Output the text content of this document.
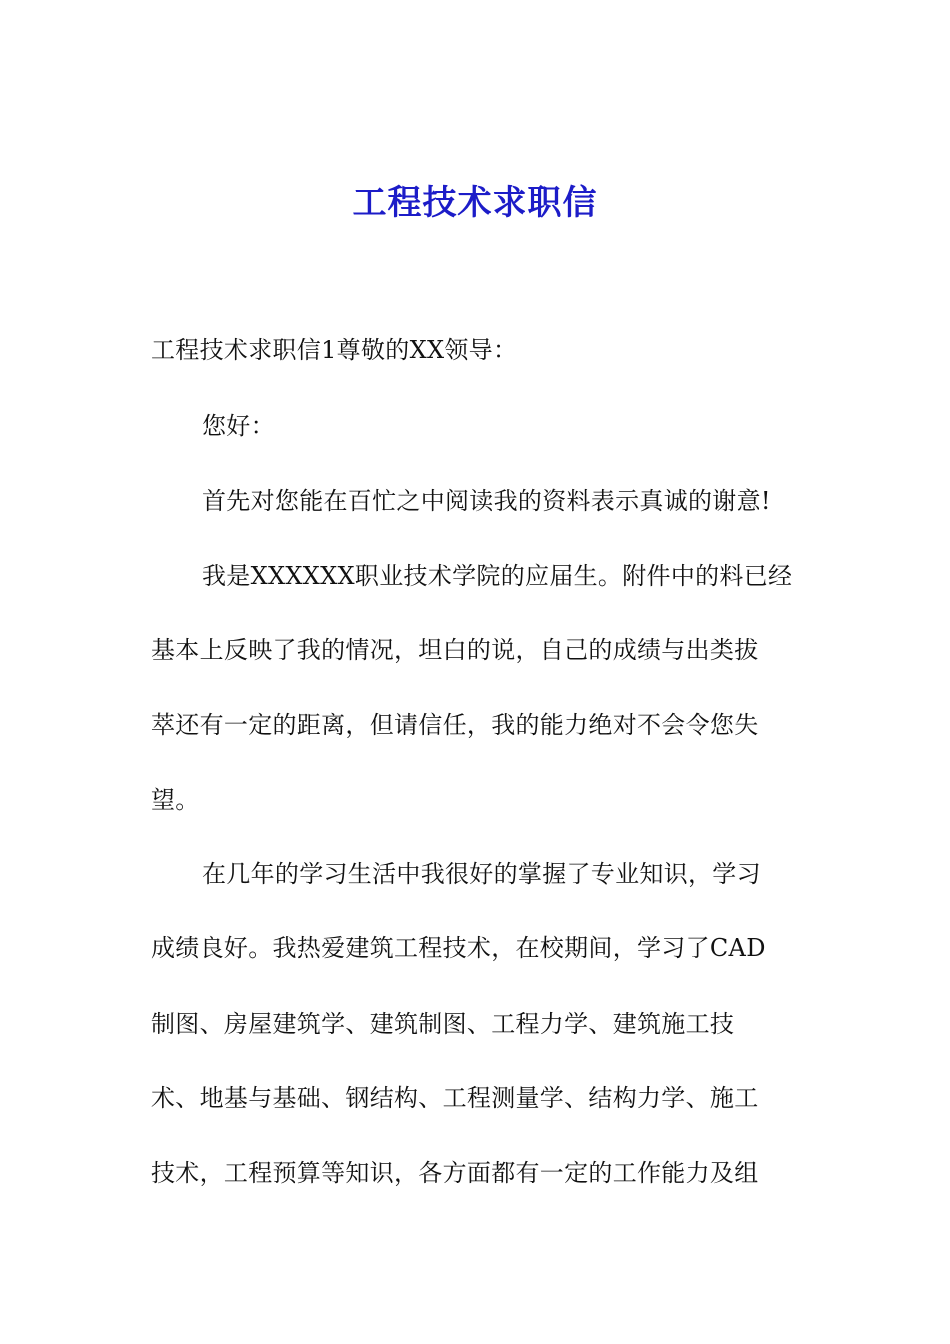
工程技术求职信
工程技术求职信1尊敬的XX领导：
您好：
首先对您能在百忙之中阅读我的资料表示真诚的谢意!
我是XXXXXX职业技术学院的应届生。附件中的料已经
基本上反映了我的情况，坦白的说，自己的成绩与出类拔
萃还有一定的距离，但请信任，我的能力绝对不会令您失
望。
在几年的学习生活中我很好的掌握了专业知识，学习
成绩良好。我热爱建筑工程技术，在校期间，学习了CAD
制图、房屋建筑学、建筑制图、工程力学、建筑施工技
术、地基与基础、钢结构、工程测量学、结构力学、施工
技术，工程预算等知识，各方面都有一定的工作能力及组
